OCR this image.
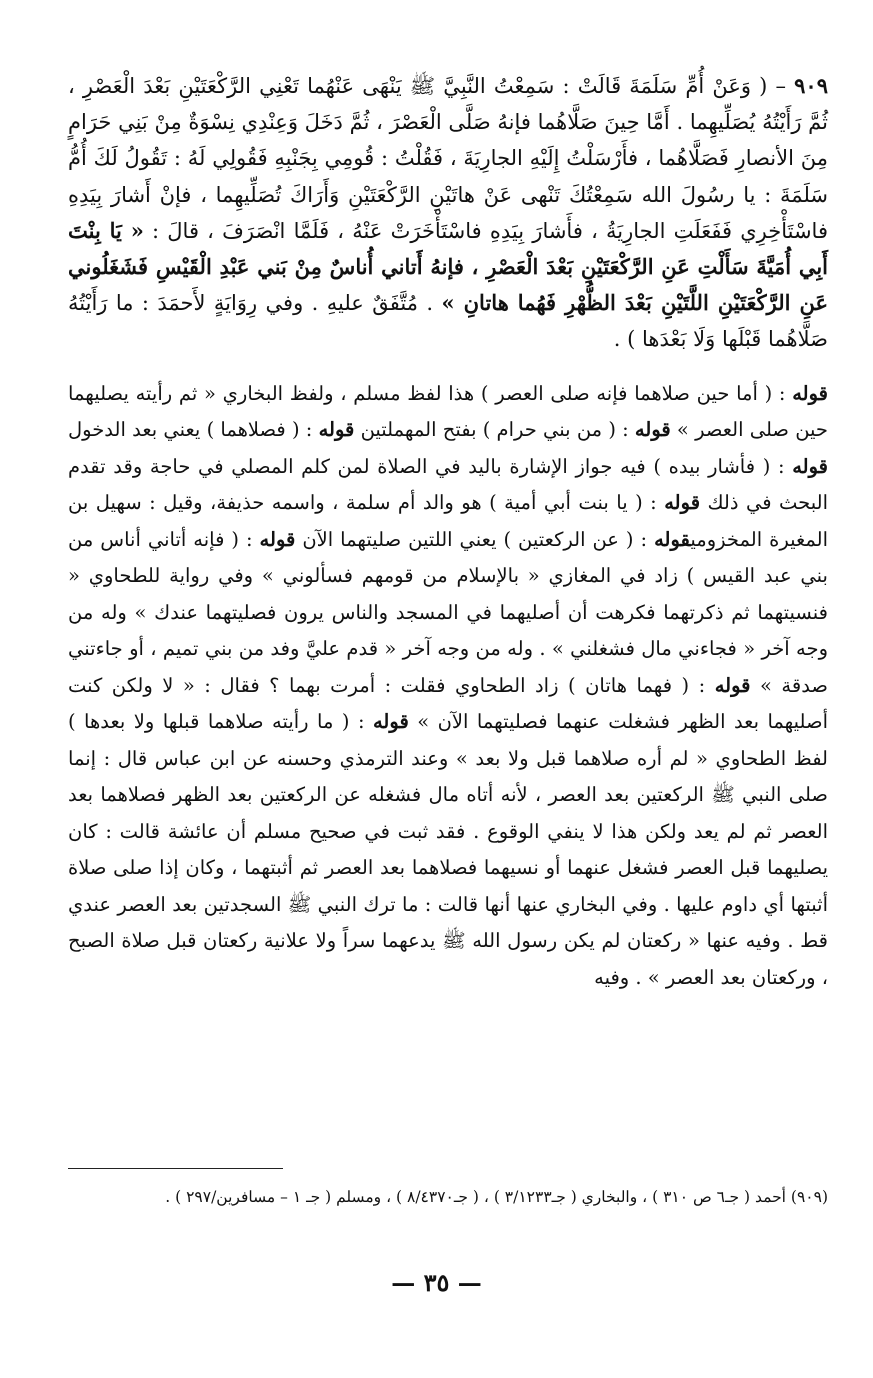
٩٠٩ – ( وَعَنْ أُمِّ سَلَمَةَ قَالَتْ : سَمِعْتُ النَّبِيَّ ﷺ يَنْهَى عَنْهُما تَعْنِي الرَّكْعَتَيْنِ بَعْدَ الْعَصْرِ ، ثُمَّ رَأَيْتُهُ يُصَلِّيهِما . أَمَّا حِينَ صَلَّاهُما فإنهُ صَلَّى الْعَصْرَ ، ثُمَّ دَخَلَ وَعِنْدِي نِسْوَةٌ مِنْ بَنِي حَرَامٍ مِنَ الأنصارِ فَصَلَّاهُما ، فأَرْسَلْتُ إِلَيْهِ الجارِيَةَ ، فَقُلْتُ : قُومِي بِجَنْبِهِ فَقُولِي لَهُ : تَقُولُ لَكَ أُمُّ سَلَمَةَ : يا رسُولَ الله سَمِعْتُكَ تَنْهى عَنْ هاتَيْنِ الرَّكْعَتَيْنِ وَأَرَاكَ تُصَلِّيهِما ، فإنْ أَشارَ بِيَدِهِ فاسْتَأْخِرِي فَفَعَلَتِ الجارِيَةُ ، فأَشارَ بِيَدِهِ فاسْتَأْخَرَتْ عَنْهُ ، فَلَمَّا انْصَرَفَ ، قالَ : « يَا بِنْتَ أَبِي أُمَيَّةَ سَأَلْتِ عَنِ الرَّكْعَتَيْنِ بَعْدَ الْعَصْرِ ، فإنهُ أَتاني أُناسٌ مِنْ بَني عَبْدِ الْقَيْسِ فَشَغَلُوني عَنِ الرَّكْعَتَيْنِ اللَّتَيْنِ بَعْدَ الظُّهْرِ فَهُما هاتانِ » . مُتَّفَقٌ عليهِ . وفي رِوَايَةٍ لأَحمَدَ : ما رَأَيْتُهُ صَلَّاهُما قَبْلَها وَلَا بَعْدَها ) .

قوله : ( أما حين صلاهما فإنه صلى العصر ) هذا لفظ مسلم ، ولفظ البخاري « ثم رأيته يصليهما حين صلى العصر » قوله : ( من بني حرام ) بفتح المهملتين قوله : ( فصلاهما ) يعني بعد الدخول قوله : ( فأشار بيده ) فيه جواز الإشارة باليد في الصلاة لمن كلم المصلي في حاجة وقد تقدم البحث في ذلك قوله : ( يا بنت أبي أمية ) هو والد أم سلمة ، واسمه حذيفة، وقيل : سهيل بن المغيرة المخزوميقوله : ( عن الركعتين ) يعني اللتين صليتهما الآن قوله : ( فإنه أتاني أناس من بني عبد القيس ) زاد في المغازي « بالإسلام من قومهم فسألوني » وفي رواية للطحاوي « فنسيتهما ثم ذكرتهما فكرهت أن أصليهما في المسجد والناس يرون فصليتهما عندك » وله من وجه آخر « فجاءني مال فشغلني » . وله من وجه آخر « قدم عليَّ وفد من بني تميم ، أو جاءتني صدقة » قوله : ( فهما هاتان ) زاد الطحاوي فقلت : أمرت بهما ؟ فقال : « لا ولكن كنت أصليهما بعد الظهر فشغلت عنهما فصليتهما الآن » قوله : ( ما رأيته صلاهما قبلها ولا بعدها ) لفظ الطحاوي « لم أره صلاهما قبل ولا بعد » وعند الترمذي وحسنه عن ابن عباس قال : إنما صلى النبي ﷺ الركعتين بعد العصر ، لأنه أتاه مال فشغله عن الركعتين بعد الظهر فصلاهما بعد العصر ثم لم يعد ولكن هذا لا ينفي الوقوع . فقد ثبت في صحيح مسلم أن عائشة قالت : كان يصليهما قبل العصر فشغل عنهما أو نسيهما فصلاهما بعد العصر ثم أثبتهما ، وكان إذا صلى صلاة أثبتها أي داوم عليها . وفي البخاري عنها أنها قالت : ما ترك النبي ﷺ السجدتين بعد العصر عندي قط . وفيه عنها « ركعتان لم يكن رسول الله ﷺ يدعهما سراً ولا علانية ركعتان قبل صلاة الصبح ، وركعتان بعد العصر » . وفيه

(٩٠٩) أحمد ( جـ٦ ص ٣١٠ ) ، والبخاري ( جـ٣/١٢٣٣ ) ، ( جـ٨/٤٣٧٠ ) ، ومسلم ( جـ ١ – مسافرين/٢٩٧ ) .
— ٣٥ —
